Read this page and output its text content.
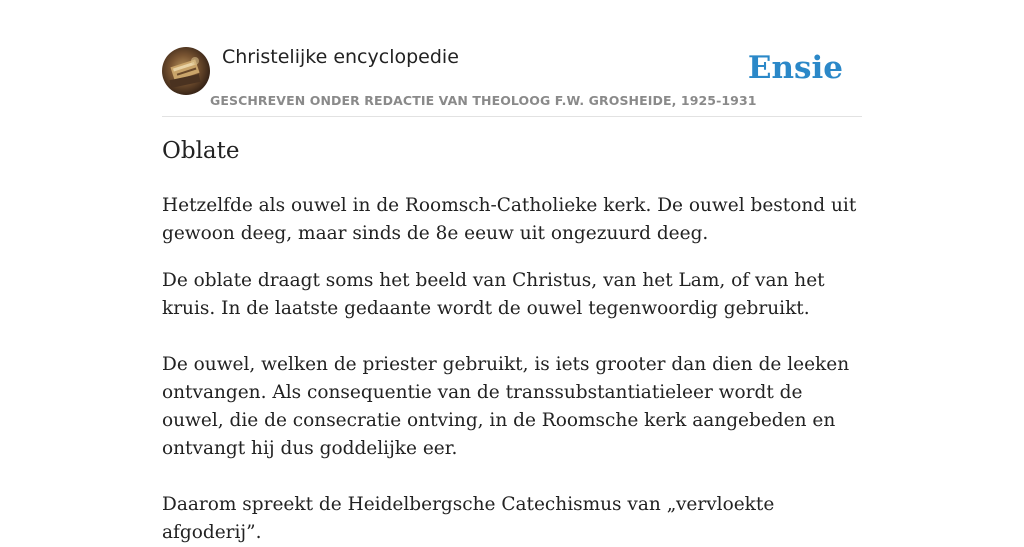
Christelijke encyclopedie
GESCHREVEN ONDER REDACTIE VAN THEOLOOG F.W. GROSHEIDE, 1925-1931
Ensie
Oblate

Hetzelfde als ouwel in de Roomsch-Catholieke kerk. De ouwel bestond uit gewoon deeg, maar sinds de 8e eeuw uit ongezuurd deeg.

De oblate draagt soms het beeld van Christus, van het Lam, of van het kruis. In de laatste gedaante wordt de ouwel tegenwoordig gebruikt.

De ouwel, welken de priester gebruikt, is iets grooter dan dien de leeken ontvangen. Als consequentie van de transsubstantiatieleer wordt de ouwel, die de consecratie ontving, in de Roomsche kerk aangebeden en ontvangt hij dus goddelijke eer.

Daarom spreekt de Heidelbergsche Catechismus van „vervloekte afgoderij”.
